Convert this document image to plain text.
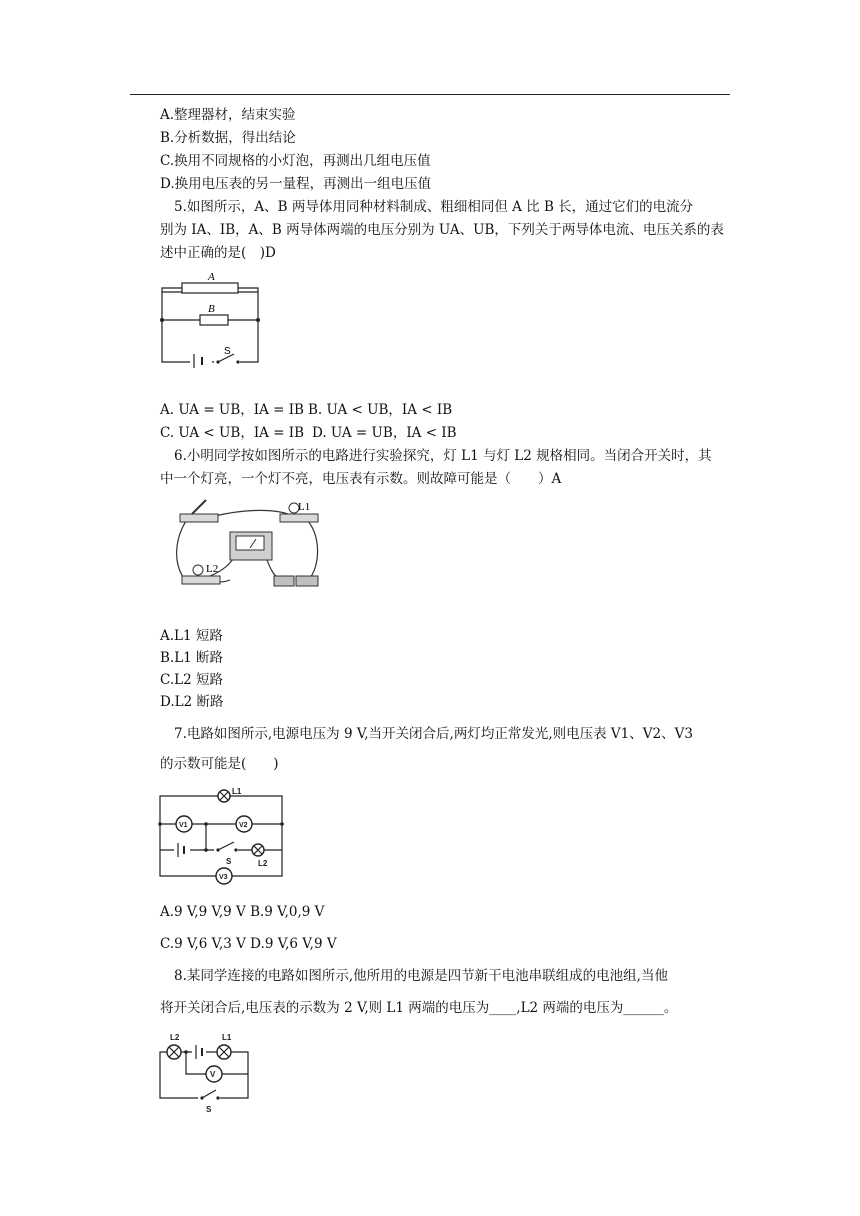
A.整理器材，结束实验
B.分析数据，得出结论
C.换用不同规格的小灯泡，再测出几组电压值
D.换用电压表的另一量程，再测出一组电压值
5.如图所示，A、B 两导体用同种材料制成、粗细相同但 A 比 B 长，通过它们的电流分
别为 IA、IB，A、B 两导体两端的电压分别为 UA、UB，下列关于两导体电流、电压关系的表
述中正确的是(　)D
A
B
S
A. UA = UB，IA = IB B. UA < UB，IA < IB
C. UA < UB，IA = IB D. UA = UB，IA < IB
6.小明同学按如图所示的电路进行实验探究，灯 L1 与灯 L2 规格相同。当闭合开关时，其
中一个灯亮，一个灯不亮，电压表有示数。则故障可能是（　　）A
L1
L2
A.L1 短路
B.L1 断路
C.L2 短路
D.L2 断路
7.电路如图所示,电源电压为 9 V,当开关闭合后,两灯均正常发光,则电压表 V1、V2、V3
的示数可能是(　　)
L1
V1	V2
S	L2
V3
A.9 V,9 V,9 V B.9 V,0,9 V
C.9 V,6 V,3 V D.9 V,6 V,9 V
8.某同学连接的电路如图所示,他所用的电源是四节新干电池串联组成的电池组,当他
将开关闭合后,电压表的示数为 2 V,则 L1 两端的电压为____,L2 两端的电压为______。
L2	L1
V
S
